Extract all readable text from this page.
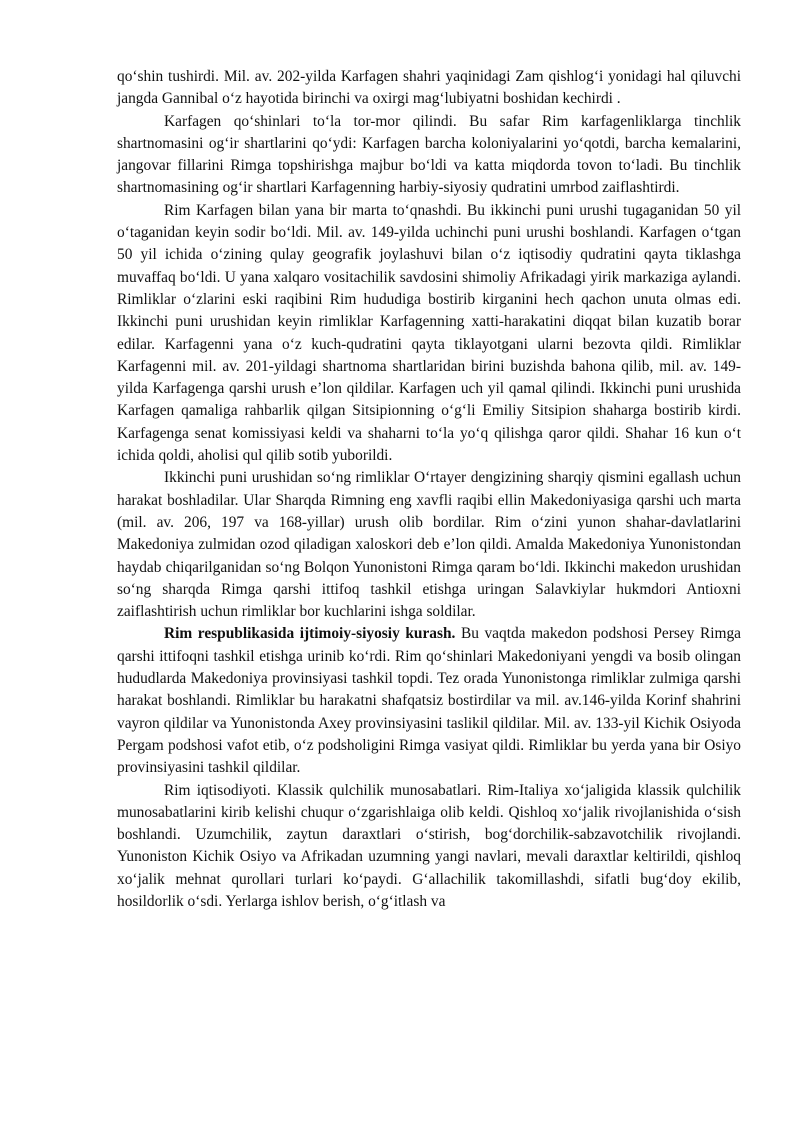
qo‘shin tushirdi. Mil. av. 202-yilda Karfagen shahri yaqinidagi Zam qishlog‘i yonidagi hal qiluvchi jangda Gannibal o‘z hayotida birinchi va oxirgi mag‘lubiyatni boshidan kechirdi .

Karfagen qo‘shinlari to‘la tor-mor qilindi. Bu safar Rim karfagenliklarga tinchlik shartnomasini og‘ir shartlarini qo‘ydi: Karfagen barcha koloniyalarini yo‘qotdi, barcha kemalarini, jangovar fillarini Rimga topshirishga majbur bo‘ldi va katta miqdorda tovon to‘ladi. Bu tinchlik shartnomasining og‘ir shartlari Karfagenning harbiy-siyosiy qudratini umrbod zaiflashtirdi.

Rim Karfagen bilan yana bir marta to‘qnashdi. Bu ikkinchi puni urushi tugaganidan 50 yil o‘taganidan keyin sodir bo‘ldi. Mil. av. 149-yilda uchinchi puni urushi boshlandi. Karfagen o‘tgan 50 yil ichida o‘zining qulay geografik joylashuvi bilan o‘z iqtisodiy qudratini qayta tiklashga muvaffaq bo‘ldi. U yana xalqaro vositachilik savdosini shimoliy Afrikadagi yirik markaziga aylandi. Rimliklar o‘zlarini eski raqibini Rim hududiga bostirib kirganini hech qachon unuta olmas edi. Ikkinchi puni urushidan keyin rimliklar Karfagenning xatti-harakatini diqqat bilan kuzatib borar edilar. Karfagenni yana o‘z kuch-qudratini qayta tiklayotgani ularni bezovta qildi. Rimliklar Karfagenni mil. av. 201-yildagi shartnoma shartlaridan birini buzishda bahona qilib, mil. av. 149-yilda Karfagenga qarshi urush e’lon qildilar. Karfagen uch yil qamal qilindi. Ikkinchi puni urushida Karfagen qamaliga rahbarlik qilgan Sitsipionning o‘g‘li Emiliy Sitsipion shaharga bostirib kirdi. Karfagenga senat komissiyasi keldi va shaharni to‘la yo‘q qilishga qaror qildi. Shahar 16 kun o‘t ichida qoldi, aholisi qul qilib sotib yuborildi.

Ikkinchi puni urushidan so‘ng rimliklar O‘rtayer dengizining sharqiy qismini egallash uchun harakat boshladilar. Ular Sharqda Rimning eng xavfli raqibi ellin Makedoniyasiga qarshi uch marta (mil. av. 206, 197 va 168-yillar) urush olib bordilar. Rim o‘zini yunon shahar-davlatlarini Makedoniya zulmidan ozod qiladigan xaloskori deb e’lon qildi. Amalda Makedoniya Yunonistondan haydab chiqarilganidan so‘ng Bolqon Yunonistoni Rimga qaram bo‘ldi. Ikkinchi makedon urushidan so‘ng sharqda Rimga qarshi ittifoq tashkil etishga uringan Salavkiylar hukmdori Antioxni zaiflashtirish uchun rimliklar bor kuchlarini ishga soldilar.

Rim respublikasida ijtimoiy-siyosiy kurash. Bu vaqtda makedon podshosi Persey Rimga qarshi ittifoqni tashkil etishga urinib ko‘rdi. Rim qo‘shinlari Makedoniyani yengdi va bosib olingan hududlarda Makedoniya provinsiyasi tashkil topdi. Tez orada Yunonistonga rimliklar zulmiga qarshi harakat boshlandi. Rimliklar bu harakatni shafqatsiz bostirdilar va mil. av.146-yilda Korinf shahrini vayron qildilar va Yunonistonda Axey provinsiyasini taslikil qildilar. Mil. av. 133-yil Kichik Osiyoda Pergam podshosi vafot etib, o‘z podsholigini Rimga vasiyat qildi. Rimliklar bu yerda yana bir Osiyo provinsiyasini tashkil qildilar.

Rim iqtisodiyoti. Klassik qulchilik munosabatlari. Rim-Italiya xo‘jaligida klassik qulchilik munosabatlarini kirib kelishi chuqur o‘zgarishlaiga olib keldi. Qishloq xo‘jalik rivojlanishida o‘sish boshlandi. Uzumchilik, zaytun daraxtlari o‘stirish, bog‘dorchilik-sabzavotchilik rivojlandi. Yunoniston Kichik Osiyo va Afrikadan uzumning yangi navlari, mevali daraxtlar keltirildi, qishloq xo‘jalik mehnat qurollari turlari ko‘paydi. G‘allachilik takomillashdi, sifatli bug‘doy ekilib, hosildorlik o‘sdi. Yerlarga ishlov berish, o‘g‘itlash va
